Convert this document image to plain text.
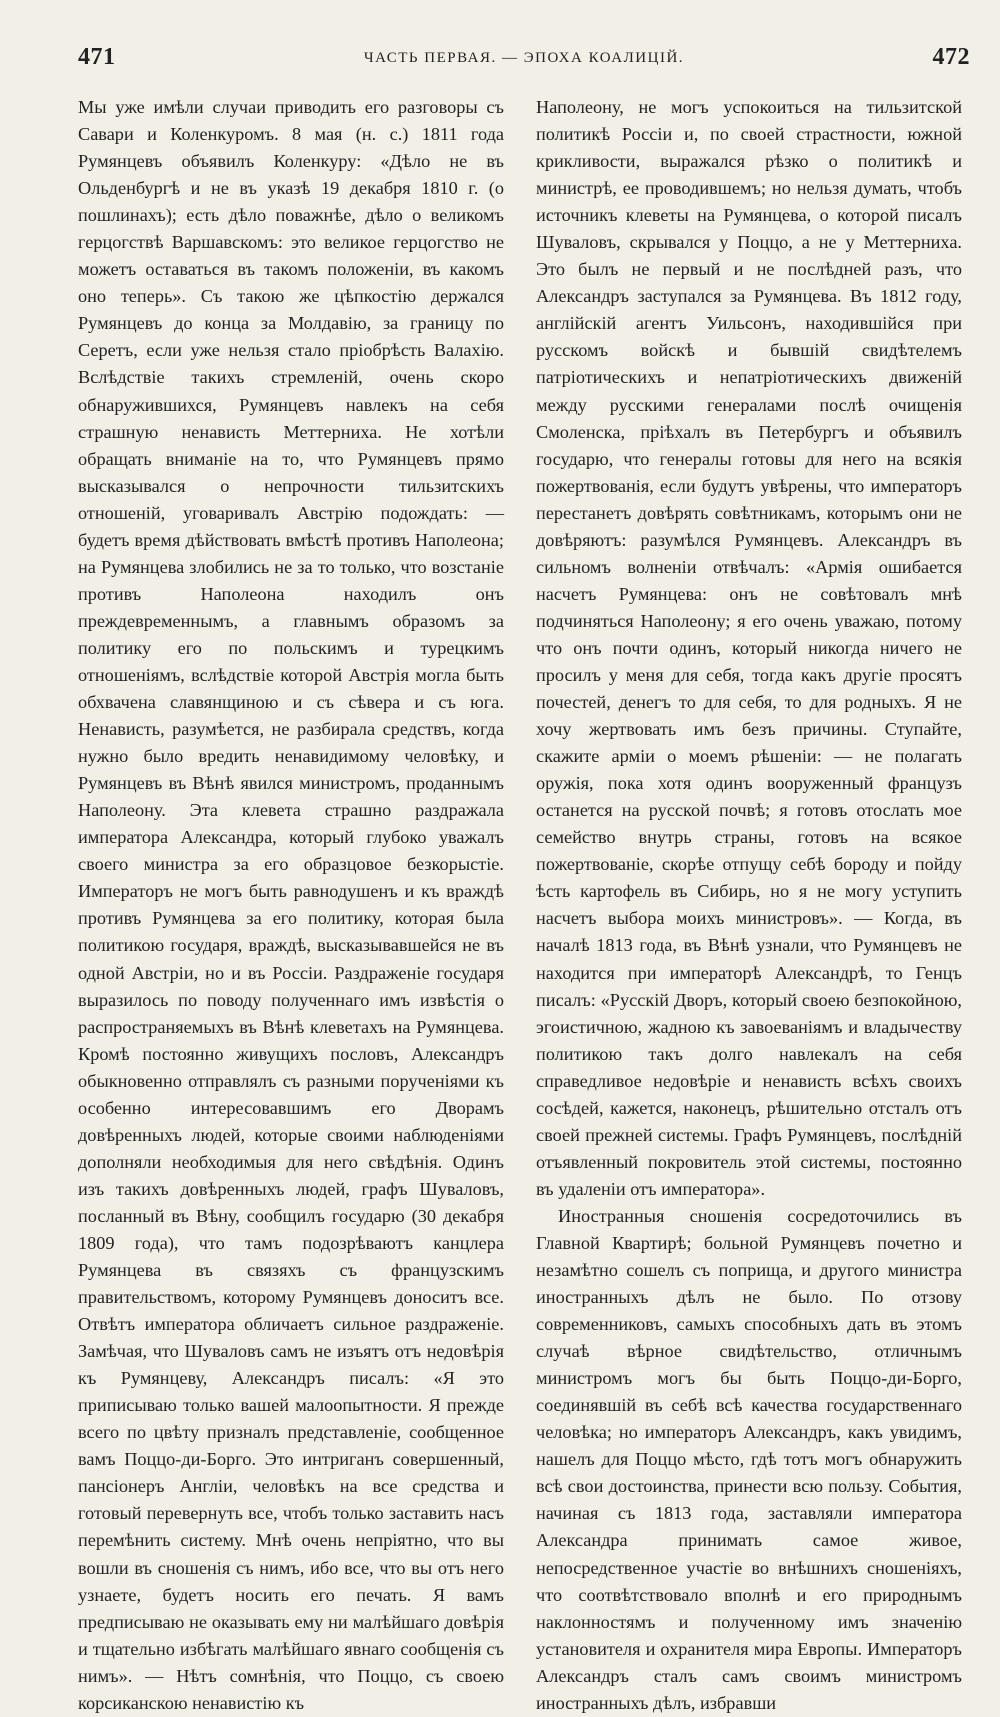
471	ЧАСТЬ ПЕРВАЯ. — ЭПОХА КОАЛИЦІЙ.	472

Мы уже имѣли случаи приводить его разговоры съ Савари и Коленкуромъ. 8 мая (н. с.) 1811 года Румянцевъ объявилъ Коленкуру: «Дѣло не въ Ольденбургѣ и не въ указѣ 19 декабря 1810 г. (о пошлинахъ); есть дѣло поважнѣе, дѣло о великомъ герцогствѣ Варшавскомъ: это великое герцогство не можетъ оставаться въ такомъ положеніи, въ какомъ оно теперь». Съ такою же цѣпкостію держался Румянцевъ до конца за Молдавію, за границу по Серетъ, если уже нельзя стало пріобрѣсть Валахію. Вслѣдствіе такихъ стремленій, очень скоро обнаружившихся, Румянцевъ навлекъ на себя страшную ненависть Меттерниха. Не хотѣли обращать вниманіе на то, что Румянцевъ прямо высказывался о непрочности тильзитскихъ отношеній, уговаривалъ Австрію подождать: — будетъ время дѣйствовать вмѣстѣ противъ Наполеона; на Румянцева злобились не за то только, что возстаніе противъ Наполеона находилъ онъ преждевременнымъ, а главнымъ образомъ за политику его по польскимъ и турецкимъ отношеніямъ, вслѣдствіе которой Австрія могла быть обхвачена славянщиною и съ сѣвера и съ юга. Ненависть, разумѣется, не разбирала средствъ, когда нужно было вредить ненавидимому человѣку, и Румянцевъ въ Вѣнѣ явился министромъ, проданнымъ Наполеону. Эта клевета страшно раздражала императора Александра, который глубоко уважалъ своего министра за его образцовое безкорыстіе. Императоръ не могъ быть равнодушенъ и къ враждѣ противъ Румянцева за его политику, которая была политикою государя, враждѣ, высказывавшейся не въ одной Австріи, но и въ Россіи. Раздраженіе государя выразилось по поводу полученнаго имъ извѣстія о распространяемыхъ въ Вѣнѣ клеветахъ на Румянцева. Кромѣ постоянно живущихъ пословъ, Александръ обыкновенно отправлялъ съ разными порученіями къ особенно интересовавшимъ его Дворамъ довѣренныхъ людей, которые своими наблюденіями дополняли необходимыя для него свѣдѣнія. Одинъ изъ такихъ довѣренныхъ людей, графъ Шуваловъ, посланный въ Вѣну, сообщилъ государю (30 декабря 1809 года), что тамъ подозрѣваютъ канцлера Румянцева въ связяхъ съ французскимъ правительствомъ, которому Румянцевъ доноситъ все. Отвѣтъ императора обличаетъ сильное раздраженіе. Замѣчая, что Шуваловъ самъ не изъятъ отъ недовѣрія къ Румянцеву, Александръ писалъ: «Я это приписываю только вашей малоопытности. Я прежде всего по цвѣту призналъ представленіе, сообщенное вамъ Поццо-ди-Борго. Это интриганъ совершенный, пансіонеръ Англіи, человѣкъ на все средства и готовый перевернуть все, чтобъ только заставить насъ перемѣнить систему. Мнѣ очень непріятно, что вы вошли въ сношенія съ нимъ, ибо все, что вы отъ него узнаете, будетъ носить его печать. Я вамъ предписываю не оказывать ему ни малѣйшаго довѣрія и тщательно избѣгать малѣйшаго явнаго сообщенія съ нимъ». — Нѣтъ сомнѣнія, что Поццо, съ своею корсиканскою ненавистію къ

Наполеону, не могъ успокоиться на тильзитской политикѣ Россіи и, по своей страстности, южной крикливости, выражался рѣзко о политикѣ и министрѣ, ее проводившемъ; но нельзя думать, чтобъ источникъ клеветы на Румянцева, о которой писалъ Шуваловъ, скрывался у Поццо, а не у Меттерниха. Это былъ не первый и не послѣдней разъ, что Александръ заступался за Румянцева. Въ 1812 году, англійскій агентъ Уильсонъ, находившійся при русскомъ войскѣ и бывшій свидѣтелемъ патріотическихъ и непатріотическихъ движеній между русскими генералами послѣ очищенія Смоленска, пріѣхалъ въ Петербургъ и объявилъ государю, что генералы готовы для него на всякія пожертвованія, если будутъ увѣрены, что императоръ перестанетъ довѣрять совѣтникамъ, которымъ они не довѣряютъ: разумѣлся Румянцевъ. Александръ въ сильномъ волненіи отвѣчалъ: «Армія ошибается насчетъ Румянцева: онъ не совѣтовалъ мнѣ подчиняться Наполеону; я его очень уважаю, потому что онъ почти одинъ, который никогда ничего не просилъ у меня для себя, тогда какъ другіе просятъ почестей, денегъ то для себя, то для родныхъ. Я не хочу жертвовать имъ безъ причины. Ступайте, скажите арміи о моемъ рѣшеніи: — не полагать оружія, пока хотя одинъ вооруженный французъ останется на русской почвѣ; я готовъ отослать мое семейство внутрь страны, готовъ на всякое пожертвованіе, скорѣе отпущу себѣ бороду и пойду ѣсть картофель въ Сибирь, но я не могу уступить насчетъ выбора моихъ министровъ». — Когда, въ началѣ 1813 года, въ Вѣнѣ узнали, что Румянцевъ не находится при императорѣ Александрѣ, то Генцъ писалъ: «Русскій Дворъ, который своею безпокойною, эгоистичною, жадною къ завоеваніямъ и владычеству политикою такъ долго навлекалъ на себя справедливое недовѣріе и ненависть всѣхъ своихъ сосѣдей, кажется, наконецъ, рѣшительно отсталъ отъ своей прежней системы. Графъ Румянцевъ, послѣдній отъявленный покровитель этой системы, постоянно въ удаленіи отъ императора».

Иностранныя сношенія сосредоточились въ Главной Квартирѣ; больной Румянцевъ почетно и незамѣтно сошелъ съ поприща, и другого министра иностранныхъ дѣлъ не было. По отзову современниковъ, самыхъ способныхъ дать въ этомъ случаѣ вѣрное свидѣтельство, отличнымъ министромъ могъ бы быть Поццо-ди-Борго, соединявшій въ себѣ всѣ качества государственнаго человѣка; но императоръ Александръ, какъ увидимъ, нашелъ для Поццо мѣсто, гдѣ тотъ могъ обнаружить всѣ свои достоинства, принести всю пользу. События, начиная съ 1813 года, заставляли императора Александра принимать самое живое, непосредственное участіе во внѣшнихъ сношеніяхъ, что соотвѣтствовало вполнѣ и его природнымъ наклонностямъ и полученному имъ значенію установителя и охранителя мира Европы. Императоръ Александръ сталъ самъ своимъ министромъ иностранныхъ дѣлъ, избравши
